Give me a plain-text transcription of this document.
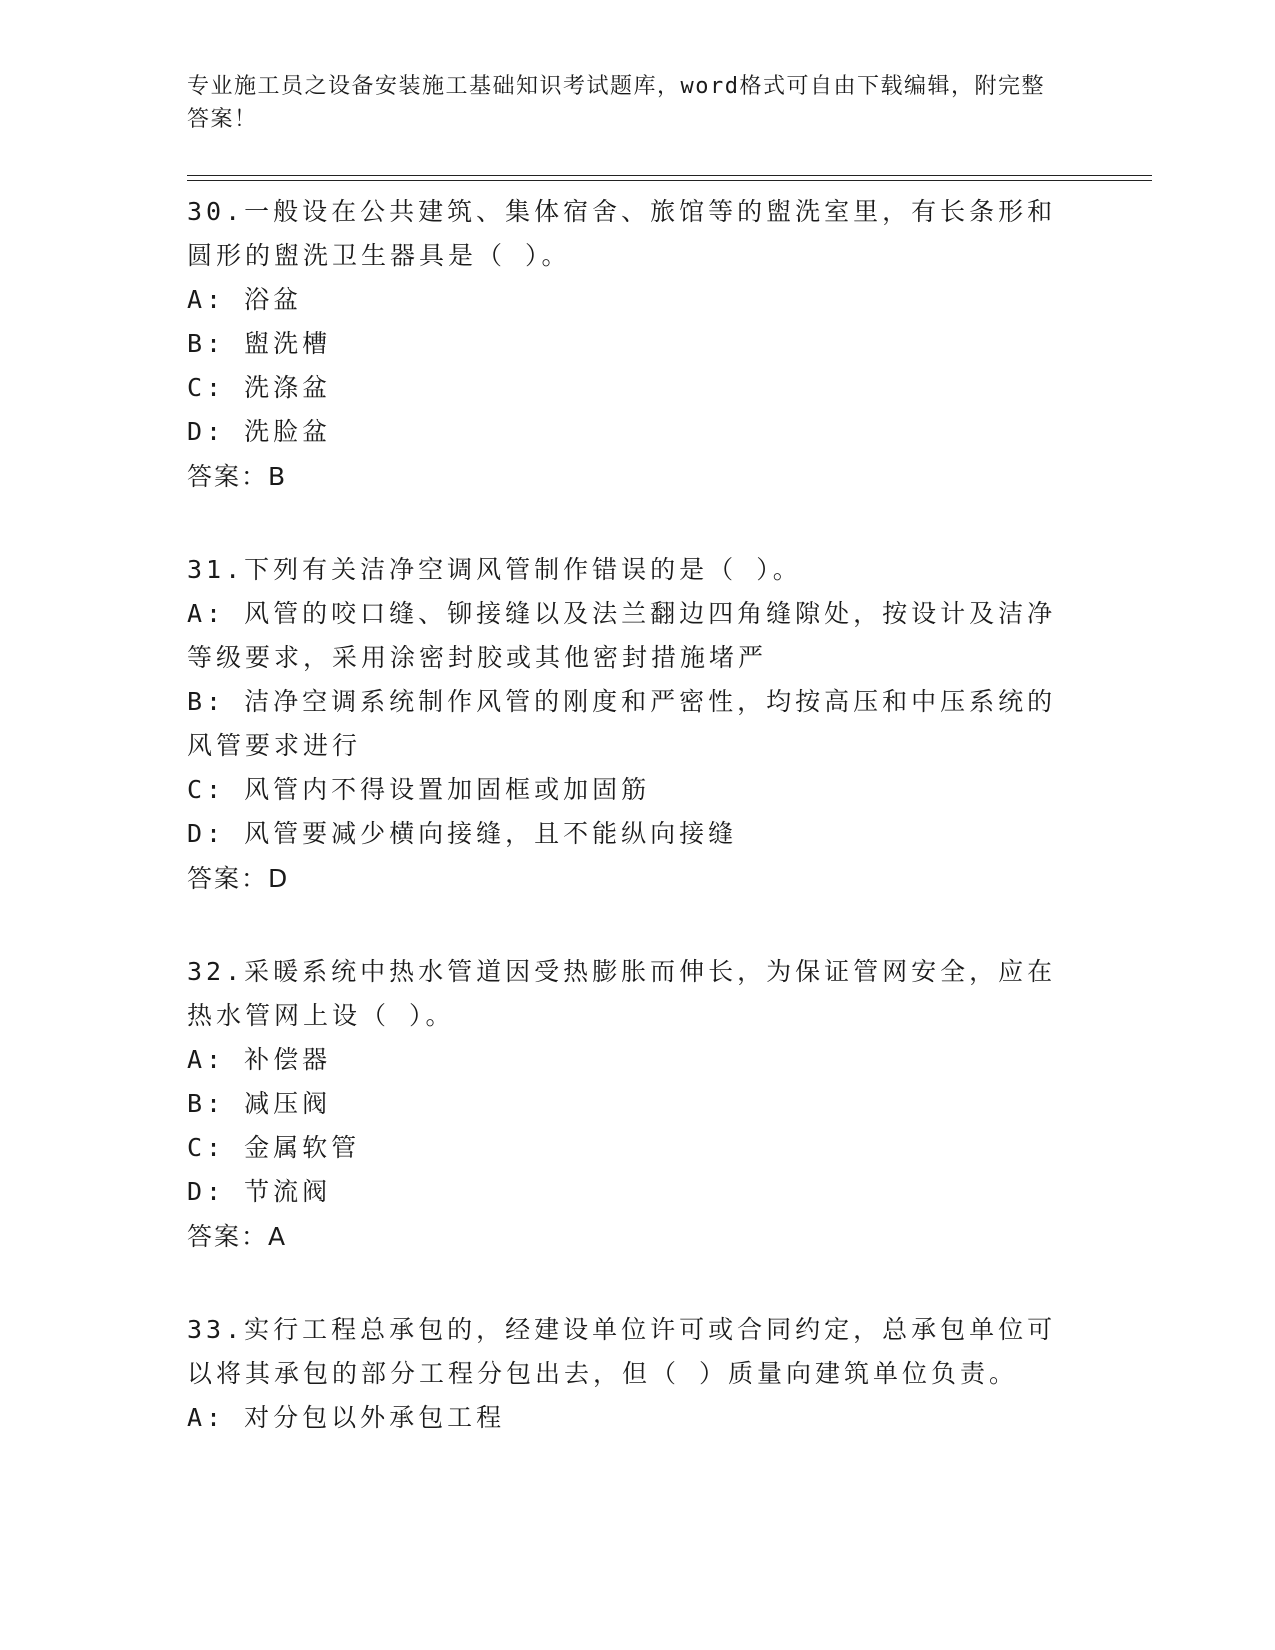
专业施工员之设备安装施工基础知识考试题库，word格式可自由下载编辑，附完整答案！

30.一般设在公共建筑、集体宿舍、旅馆等的盥洗室里，有长条形和圆形的盥洗卫生器具是（ ）。

A: 浴盆

B: 盥洗槽

C: 洗涤盆

D: 洗脸盆

答案：B

31.下列有关洁净空调风管制作错误的是（ ）。

A: 风管的咬口缝、铆接缝以及法兰翻边四角缝隙处，按设计及洁净等级要求，采用涂密封胶或其他密封措施堵严

B: 洁净空调系统制作风管的刚度和严密性，均按高压和中压系统的风管要求进行

C: 风管内不得设置加固框或加固筋

D: 风管要减少横向接缝，且不能纵向接缝

答案：D

32.采暖系统中热水管道因受热膨胀而伸长，为保证管网安全，应在热水管网上设（ ）。

A: 补偿器

B: 减压阀

C: 金属软管

D: 节流阀

答案：A

33.实行工程总承包的，经建设单位许可或合同约定，总承包单位可以将其承包的部分工程分包出去，但（ ）质量向建筑单位负责。

A: 对分包以外承包工程
